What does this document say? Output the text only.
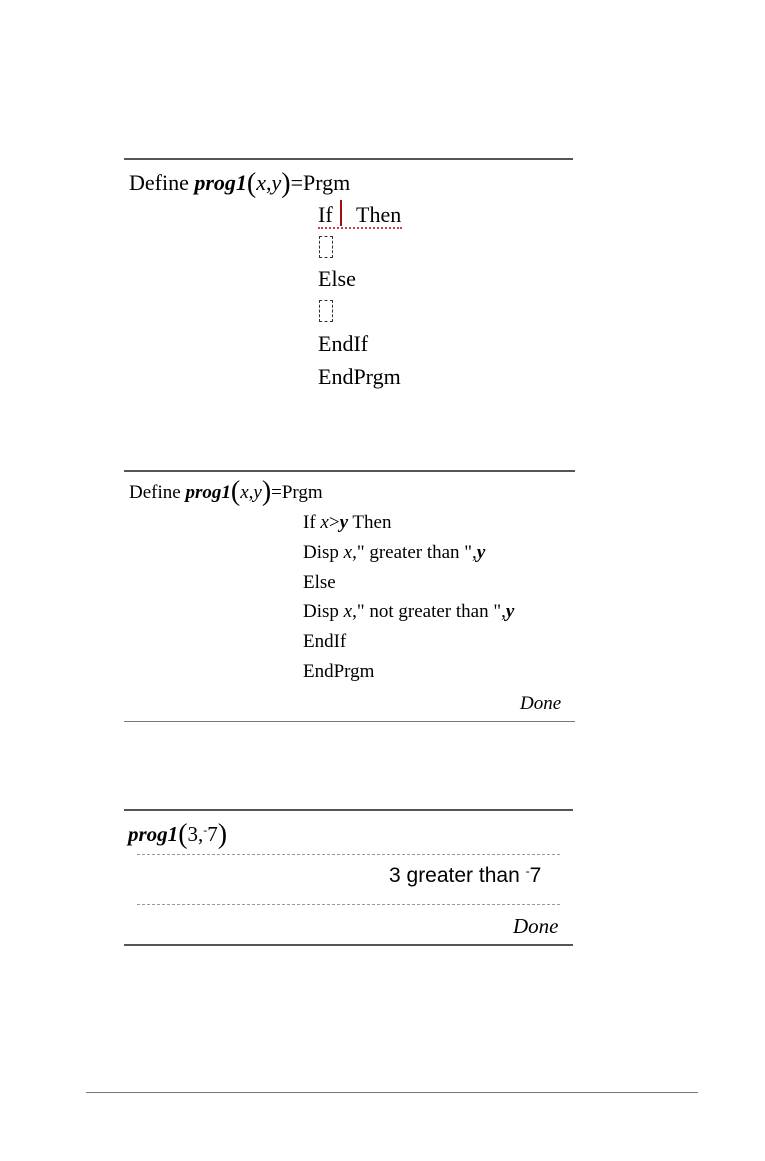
Define prog1(x,y)=Prgm
If Then
Else
EndIf
EndPrgm
Define prog1(x,y)=Prgm
If x>y Then
Disp x," greater than ",y
Else
Disp x," not greater than ",y
EndIf
EndPrgm
Done
prog1(3,-7)
3 greater than -7
Done
